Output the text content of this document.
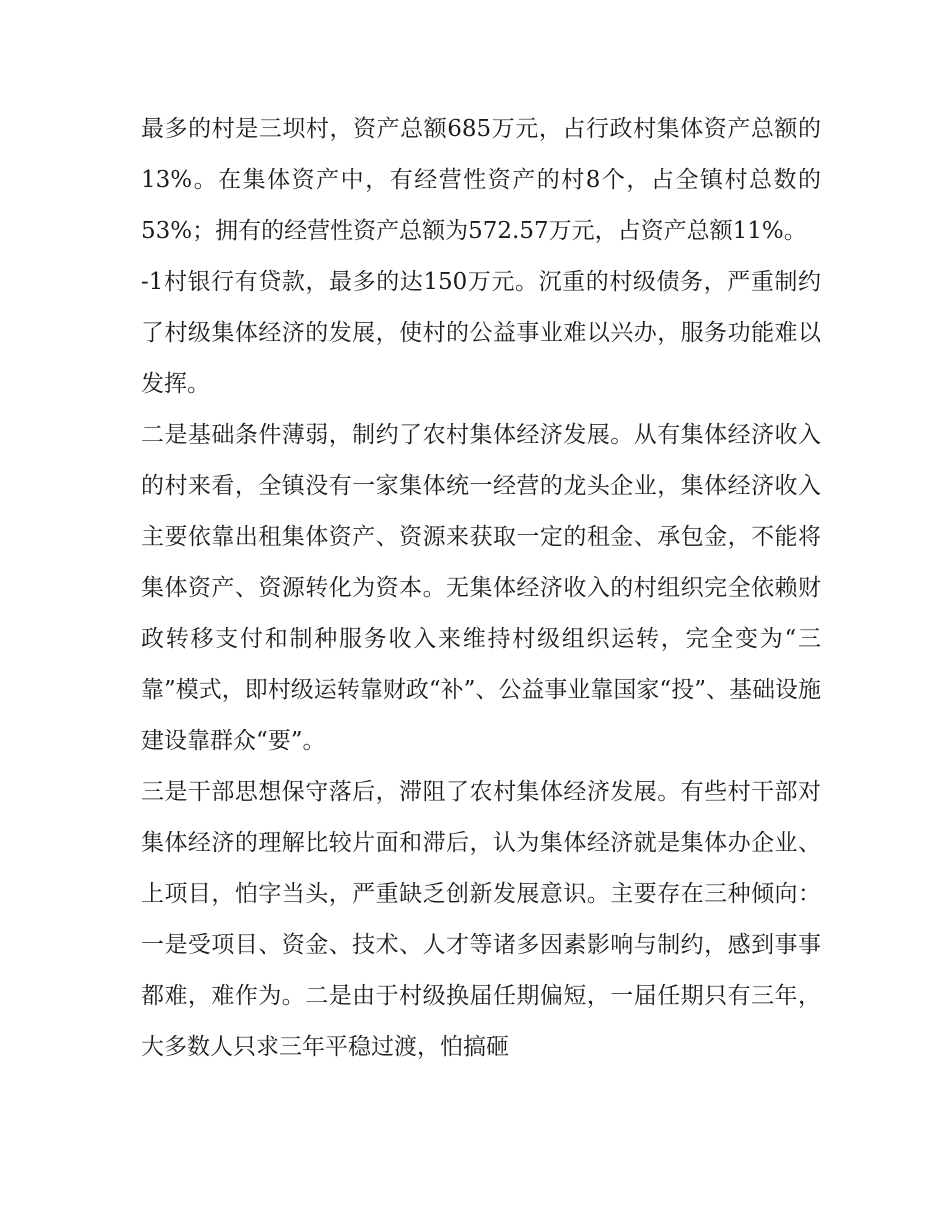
最多的村是三坝村，资产总额685万元，占行政村集体资产总额的13%。在集体资产中，有经营性资产的村8个，占全镇村总数的53%；拥有的经营性资产总额为572.57万元，占资产总额11%。

-1村银行有贷款，最多的达150万元。沉重的村级债务，严重制约了村级集体经济的发展，使村的公益事业难以兴办，服务功能难以发挥。

二是基础条件薄弱，制约了农村集体经济发展。从有集体经济收入的村来看，全镇没有一家集体统一经营的龙头企业，集体经济收入主要依靠出租集体资产、资源来获取一定的租金、承包金，不能将集体资产、资源转化为资本。无集体经济收入的村组织完全依赖财政转移支付和制种服务收入来维持村级组织运转，完全变为“三靠”模式，即村级运转靠财政“补”、公益事业靠国家“投”、基础设施建设靠群众“要”。

三是干部思想保守落后，滞阻了农村集体经济发展。有些村干部对集体经济的理解比较片面和滞后，认为集体经济就是集体办企业、上项目，怕字当头，严重缺乏创新发展意识。主要存在三种倾向：一是受项目、资金、技术、人才等诸多因素影响与制约，感到事事都难，难作为。二是由于村级换届任期偏短，一届任期只有三年，大多数人只求三年平稳过渡，怕搞砸
